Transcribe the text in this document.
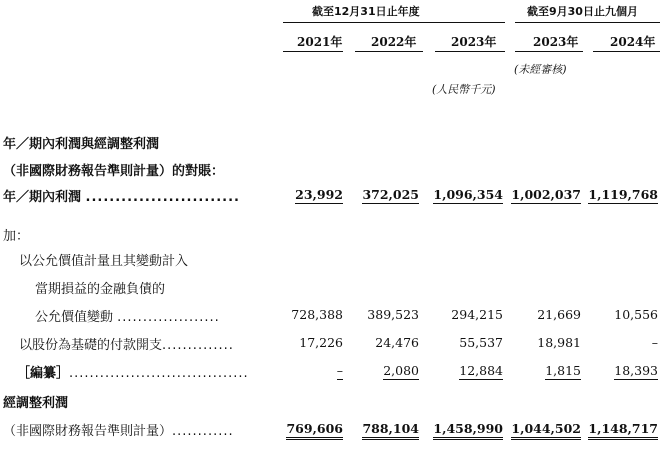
截至12月31日止年度	截至9月30日止九個月
2021年 2022年	2023年	2023年	2024年
(未經審核)
(人民幣千元)
年／期內利潤與經調整利潤
（非國際財務報告準則計量）的對賬：
年／期內利潤 ..........................	23,992	372,025	1,096,354 1,002,037 1,119,768
加：
以公允價值計量且其變動計入
當期損益的金融負債的
公允價值變動 ....................	728,388	389,523	294,215	21,669	10,556
以股份為基礎的付款開支..............	17,226	24,476	55,537	18,981	–
［編纂］...................................	–	2,080	12,884	1,815	18,393
經調整利潤
（非國際財務報告準則計量）............	769,606	788,104	1,458,990 1,044,502 1,148,717
